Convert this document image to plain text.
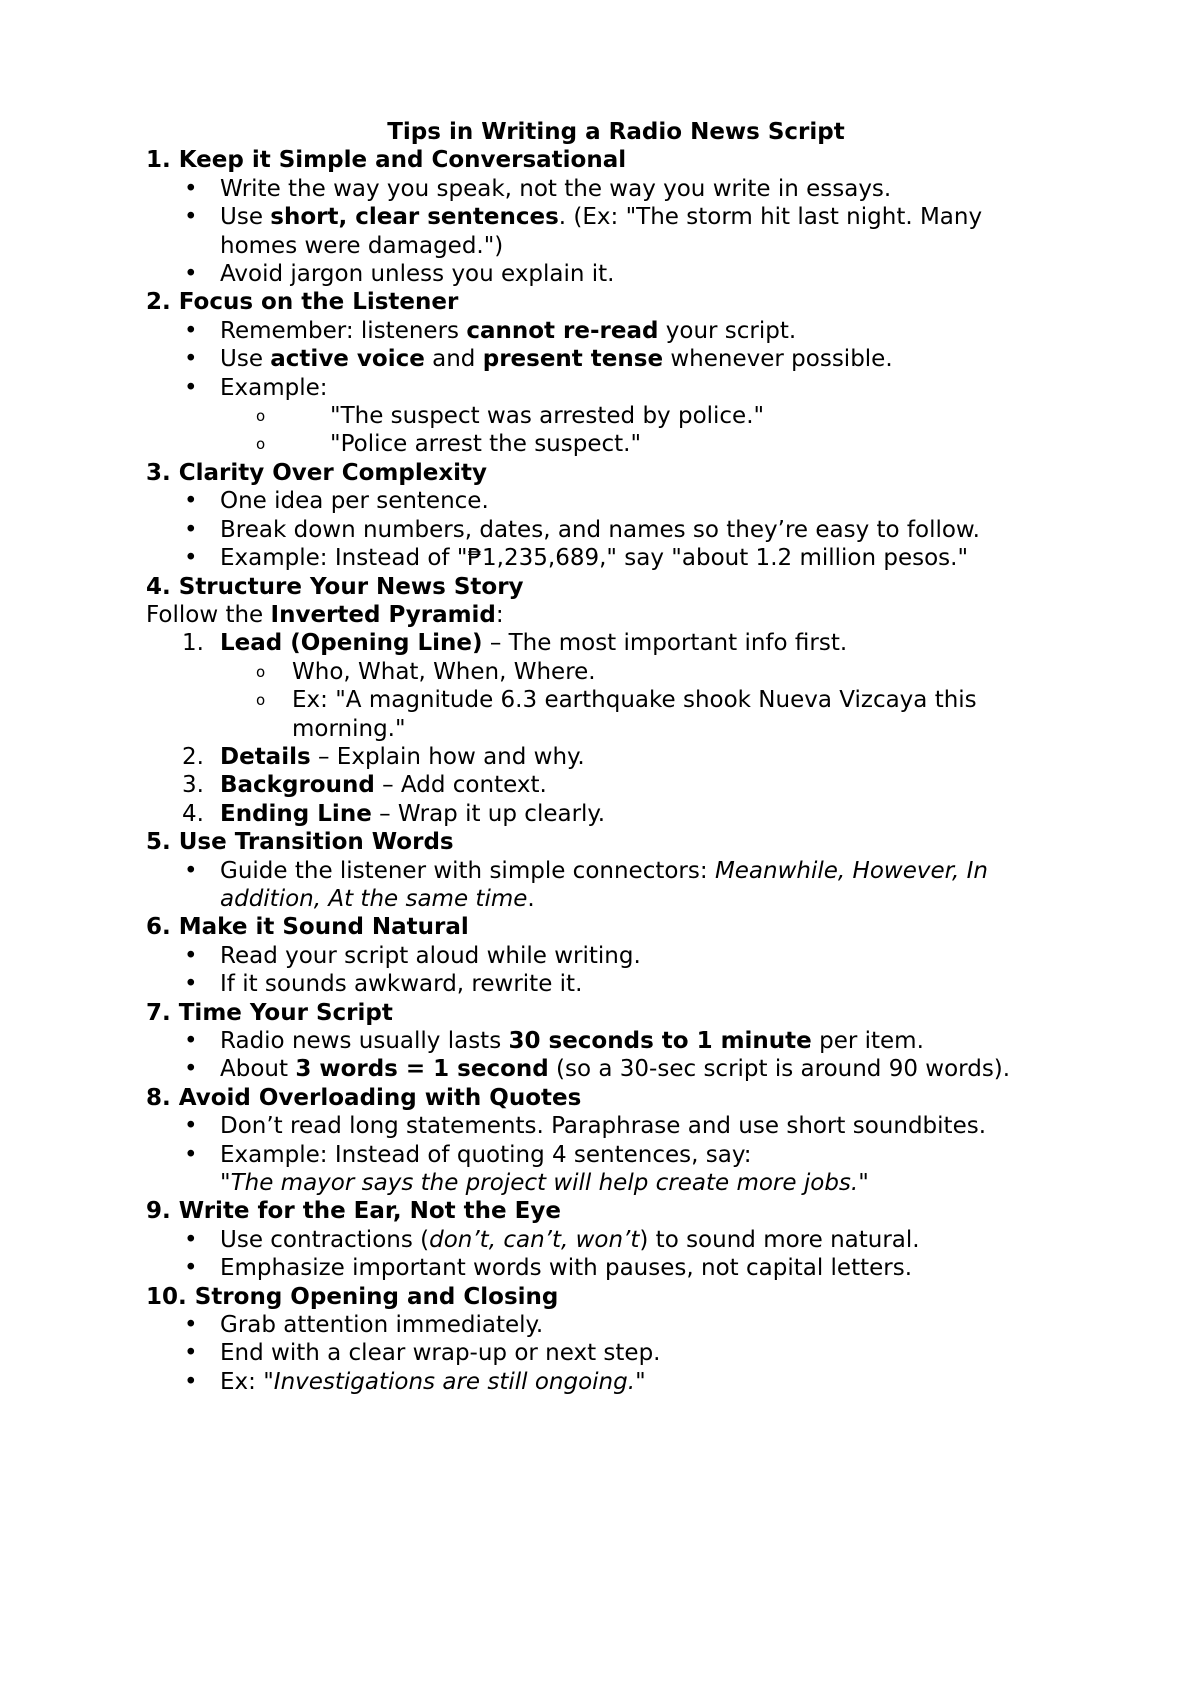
Tips in Writing a Radio News Script
1. Keep it Simple and Conversational
• Write the way you speak, not the way you write in essays.
• Use short, clear sentences. (Ex: "The storm hit last night. Many
homes were damaged.")
• Avoid jargon unless you explain it.
2. Focus on the Listener
• Remember: listeners cannot re-read your script.
• Use active voice and present tense whenever possible.
• Example:
o "The suspect was arrested by police."
o "Police arrest the suspect."
3. Clarity Over Complexity
• One idea per sentence.
• Break down numbers, dates, and names so they’re easy to follow.
• Example: Instead of "₱1,235,689," say "about 1.2 million pesos."
4. Structure Your News Story
Follow the Inverted Pyramid:
1. Lead (Opening Line) – The most important info first.
o Who, What, When, Where.
o Ex: "A magnitude 6.3 earthquake shook Nueva Vizcaya this
morning."
2. Details – Explain how and why.
3. Background – Add context.
4. Ending Line – Wrap it up clearly.
5. Use Transition Words
• Guide the listener with simple connectors: Meanwhile, However, In
addition, At the same time.
6. Make it Sound Natural
• Read your script aloud while writing.
• If it sounds awkward, rewrite it.
7. Time Your Script
• Radio news usually lasts 30 seconds to 1 minute per item.
• About 3 words = 1 second (so a 30-sec script is around 90 words).
8. Avoid Overloading with Quotes
• Don’t read long statements. Paraphrase and use short soundbites.
• Example: Instead of quoting 4 sentences, say:
"The mayor says the project will help create more jobs."
9. Write for the Ear, Not the Eye
• Use contractions (don’t, can’t, won’t) to sound more natural.
• Emphasize important words with pauses, not capital letters.
10. Strong Opening and Closing
• Grab attention immediately.
• End with a clear wrap-up or next step.
• Ex: "Investigations are still ongoing."
